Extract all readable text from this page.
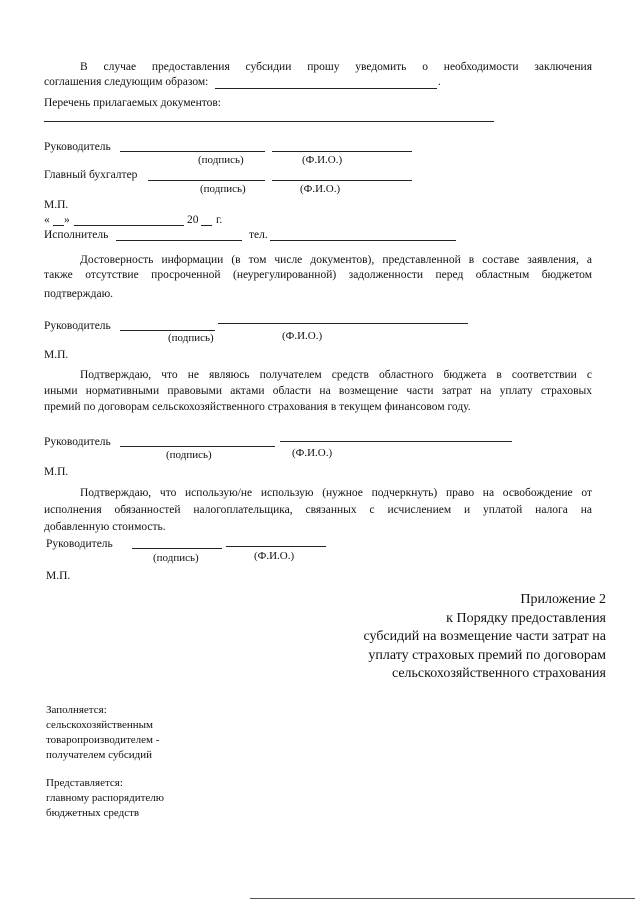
В случае предоставления субсидии прошу уведомить о необходимости заключения
соглашения следующим образом:	.
Перечень прилагаемых документов:
Руководитель
(подпись)	(Ф.И.О.)
Главный бухгалтер
(подпись)	(Ф.И.О.)
М.П.
« »	20 г.
Исполнитель	тел.
Достоверность информации (в том числе документов), представленной в составе заявления, а
также отсутствие просроченной (неурегулированной) задолженности перед областным бюджетом
подтверждаю.
Руководитель
(подпись)	(Ф.И.О.)
М.П.
Подтверждаю, что не являюсь получателем средств областного бюджета в соответствии с
иными нормативными правовыми актами области на возмещение части затрат на уплату страховых
премий по договорам сельскохозяйственного страхования в текущем финансовом году.
Руководитель
(подпись)	(Ф.И.О.)
М.П.
Подтверждаю, что использую/не использую (нужное подчеркнуть) право на освобождение от
исполнения обязанностей налогоплательщика, связанных с исчислением и уплатой налога на
добавленную стоимость.
Руководитель
(подпись)	(Ф.И.О.)
М.П.
Приложение 2
к Порядку предоставления
субсидий на возмещение части затрат на
уплату страховых премий по договорам
сельскохозяйственного страхования
Заполняется:
сельскохозяйственным
товаропроизводителем -
получателем субсидий
Представляется:
главному распорядителю
бюджетных средств
